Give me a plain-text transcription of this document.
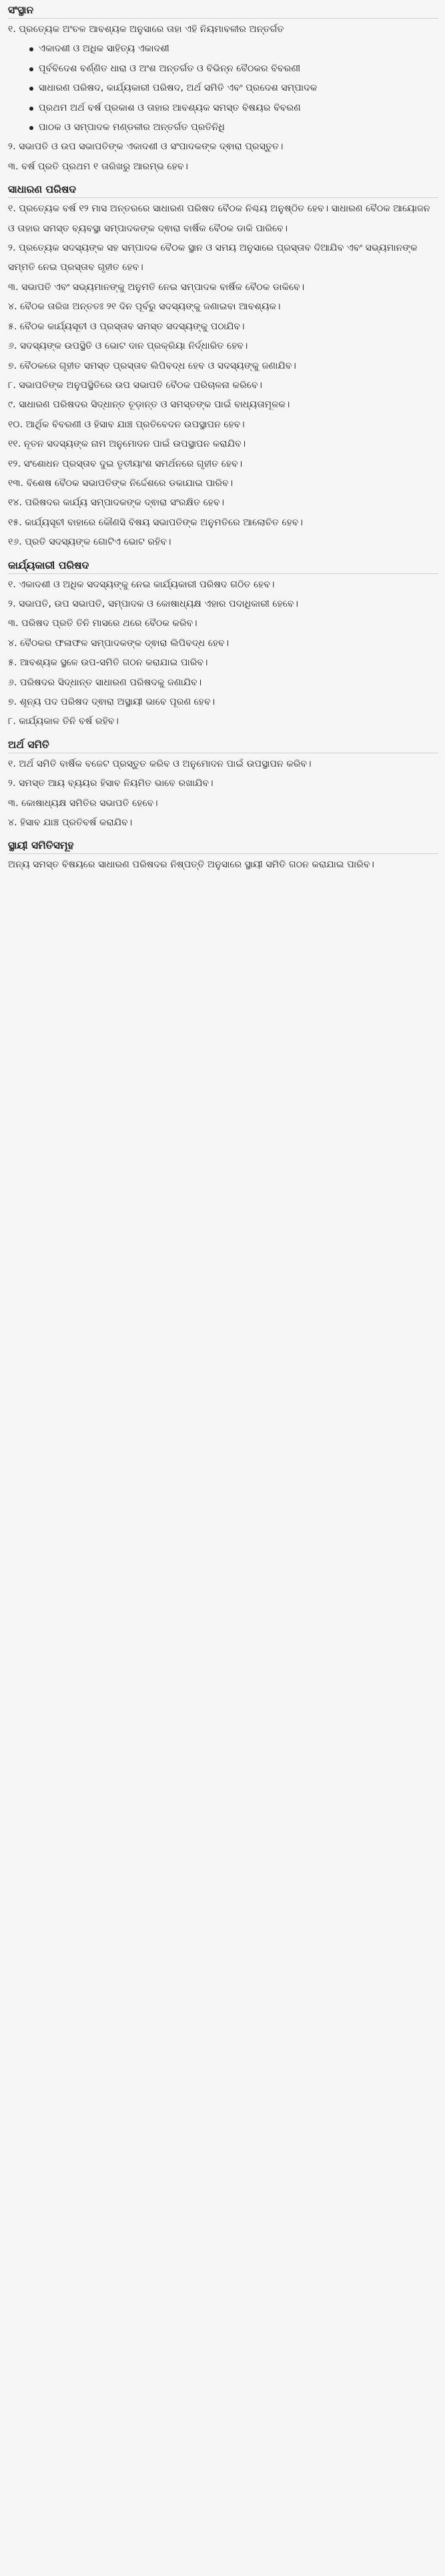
ସଂସ୍ଥାନ
୧. ପ୍ରତ୍ୟେକ ଅଂଚଳ ଆବଶ୍ୟକ ଅନୁସାରେ ତାହା ଏହି ନିୟମାବଳୀର ଅନ୍ତର୍ଗତ
ଏକାଦଶୀ ଓ ଅଧିକ ସାହିତ୍ୟ ଏକାଦଶୀ
ପୂର୍ବବିଦେଶ ବର୍ଣ୍ଣିତ ଧାରା ଓ ଅଂଶ ଅନ୍ତର୍ଗତ ଓ ବିଭିନ୍ନ ବୈଠକର ବିବରଣୀ
ସାଧାରଣ ପରିଷଦ, କାର୍ଯ୍ୟକାରୀ ପରିଷଦ, ଅର୍ଥ ସମିତି ଏବଂ ପ୍ରଦେଶ ସମ୍ପାଦକ
ପ୍ରଥମ ଅର୍ଥ ବର୍ଷ ପ୍ରକାଶ ଓ ତାହାର ଆବଶ୍ୟକ ସମସ୍ତ ବିଷୟର ବିବରଣ
ପାଠକ ଓ ସମ୍ପାଦକ ମଣ୍ଡଳୀର ଅନ୍ତର୍ଗତ ପ୍ରତିନିଧି
୨. ସଭାପତି ଓ ଉପ ସଭାପତିଙ୍କ ଏକାଦଶୀ ଓ ସଂପାଦକଙ୍କ ଦ୍ଵାରା ପ୍ରସ୍ତୁତ।
୩. ବର୍ଷ ପ୍ରତି ପ୍ରଥମ ୧ ତାରିଖରୁ ଆରମ୍ଭ ହେବ।
ସାଧାରଣ ପରିଷଦ
୧. ପ୍ରତ୍ୟେକ ବର୍ଷ ୧୨ ମାସ ଅନ୍ତରରେ ସାଧାରଣ ପରିଷଦ ବୈଠକ ନିଶ୍ଚୟ ଅନୁଷ୍ଠିତ ହେବ। ସାଧାରଣ ବୈଠକ ଆୟୋଜନ ଓ ତାହାର ସମସ୍ତ ବ୍ୟବସ୍ଥା ସମ୍ପାଦକଙ୍କ ଦ୍ଵାରା ବାର୍ଷିକ ବୈଠକ ଡାକି ପାରିବେ।
୨. ପ୍ରତ୍ୟେକ ସଦସ୍ୟଙ୍କ ସହ ସମ୍ପାଦକ ବୈଠକ ସ୍ଥାନ ଓ ସମୟ ଅନୁସାରେ ପ୍ରସ୍ତାବ ଦିଆଯିବ ଏବଂ ସଭ୍ୟମାନଙ୍କ ସମ୍ମତି ନେଇ ପ୍ରସ୍ତାବ ଗୃହୀତ ହେବ।
୩. ସଭାପତି ଏବଂ ସଭ୍ୟମାନଙ୍କୁ ଅନୁମତି ନେଇ ସମ୍ପାଦକ ବାର୍ଷିକ ବୈଠକ ଡାକିବେ।
୪. ବୈଠକ ତାରିଖ ଅନ୍ତତଃ ୨୧ ଦିନ ପୂର୍ବରୁ ସଦସ୍ୟଙ୍କୁ ଜଣାଇବା ଆବଶ୍ୟକ।
୫. ବୈଠକ କାର୍ଯ୍ୟସୂଚୀ ଓ ପ୍ରସ୍ତାବ ସମସ୍ତ ସଦସ୍ୟଙ୍କୁ ପଠାଯିବ।
୬. ସଦସ୍ୟଙ୍କ ଉପସ୍ଥିତି ଓ ଭୋଟ ଦାନ ପ୍ରକ୍ରିୟା ନିର୍ଦ୍ଧାରିତ ହେବ।
୭. ବୈଠକରେ ଗୃହୀତ ସମସ୍ତ ପ୍ରସ୍ତାବ ଲିପିବଦ୍ଧ ହେବ ଓ ସଦସ୍ୟଙ୍କୁ ଜଣାଯିବ।
୮. ସଭାପତିଙ୍କ ଅନୁପସ୍ଥିତିରେ ଉପ ସଭାପତି ବୈଠକ ପରିଚାଳନା କରିବେ।
୯. ସାଧାରଣ ପରିଷଦର ସିଦ୍ଧାନ୍ତ ଚୂଡ଼ାନ୍ତ ଓ ସମସ୍ତଙ୍କ ପାଇଁ ବାଧ୍ୟତାମୂଳକ।
୧୦. ଆର୍ଥିକ ବିବରଣୀ ଓ ହିସାବ ଯାଞ୍ଚ ପ୍ରତିବେଦନ ଉପସ୍ଥାପନ ହେବ।
୧୧. ନୂତନ ସଦସ୍ୟଙ୍କ ନାମ ଅନୁମୋଦନ ପାଇଁ ଉପସ୍ଥାପନ କରାଯିବ।
୧୨. ସଂଶୋଧନ ପ୍ରସ୍ତାବ ଦୁଇ ତୃତୀୟାଂଶ ସମର୍ଥନରେ ଗୃହୀତ ହେବ।
୧୩. ବିଶେଷ ବୈଠକ ସଭାପତିଙ୍କ ନିର୍ଦ୍ଦେଶରେ ଡକାଯାଇ ପାରିବ।
୧୪. ପରିଷଦର କାର୍ଯ୍ୟ ସମ୍ପାଦକଙ୍କ ଦ୍ଵାରା ସଂରକ୍ଷିତ ହେବ।
୧୫. କାର୍ଯ୍ୟସୂଚୀ ବାହାରେ କୌଣସି ବିଷୟ ସଭାପତିଙ୍କ ଅନୁମତିରେ ଆଲୋଚିତ ହେବ।
୧୬. ପ୍ରତି ସଦସ୍ୟଙ୍କ ଗୋଟିଏ ଭୋଟ ରହିବ।
କାର୍ଯ୍ୟକାରୀ ପରିଷଦ
୧. ଏକାଦଶୀ ଓ ଅଧିକ ସଦସ୍ୟଙ୍କୁ ନେଇ କାର୍ଯ୍ୟକାରୀ ପରିଷଦ ଗଠିତ ହେବ।
୨. ସଭାପତି, ଉପ ସଭାପତି, ସମ୍ପାଦକ ଓ କୋଷାଧ୍ୟକ୍ଷ ଏହାର ପଦାଧିକାରୀ ହେବେ।
୩. ପରିଷଦ ପ୍ରତି ତିନି ମାସରେ ଥରେ ବୈଠକ କରିବ।
୪. ବୈଠକର ଫଳାଫଳ ସମ୍ପାଦକଙ୍କ ଦ୍ଵାରା ଲିପିବଦ୍ଧ ହେବ।
୫. ଆବଶ୍ୟକ ସ୍ଥଳେ ଉପ-ସମିତି ଗଠନ କରାଯାଇ ପାରିବ।
୬. ପରିଷଦର ସିଦ୍ଧାନ୍ତ ସାଧାରଣ ପରିଷଦକୁ ଜଣାଯିବ।
୭. ଶୂନ୍ୟ ପଦ ପରିଷଦ ଦ୍ଵାରା ଅସ୍ଥାୟୀ ଭାବେ ପୂରଣ ହେବ।
୮. କାର୍ଯ୍ୟକାଳ ତିନି ବର୍ଷ ରହିବ।
ଅର୍ଥ ସମିତି
୧. ଅର୍ଥ ସମିତି ବାର୍ଷିକ ବଜେଟ ପ୍ରସ୍ତୁତ କରିବ ଓ ଅନୁମୋଦନ ପାଇଁ ଉପସ୍ଥାପନ କରିବ।
୨. ସମସ୍ତ ଆୟ ବ୍ୟୟର ହିସାବ ନିୟମିତ ଭାବେ ରଖାଯିବ।
୩. କୋଷାଧ୍ୟକ୍ଷ ସମିତିର ସଭାପତି ହେବେ।
୪. ହିସାବ ଯାଞ୍ଚ ପ୍ରତିବର୍ଷ କରାଯିବ।
ସ୍ଥାୟୀ ସମିତିସମୂହ
ଅନ୍ୟ ସମସ୍ତ ବିଷୟରେ ସାଧାରଣ ପରିଷଦର ନିଷ୍ପତ୍ତି ଅନୁସାରେ ସ୍ଥାୟୀ ସମିତି ଗଠନ କରାଯାଇ ପାରିବ।
